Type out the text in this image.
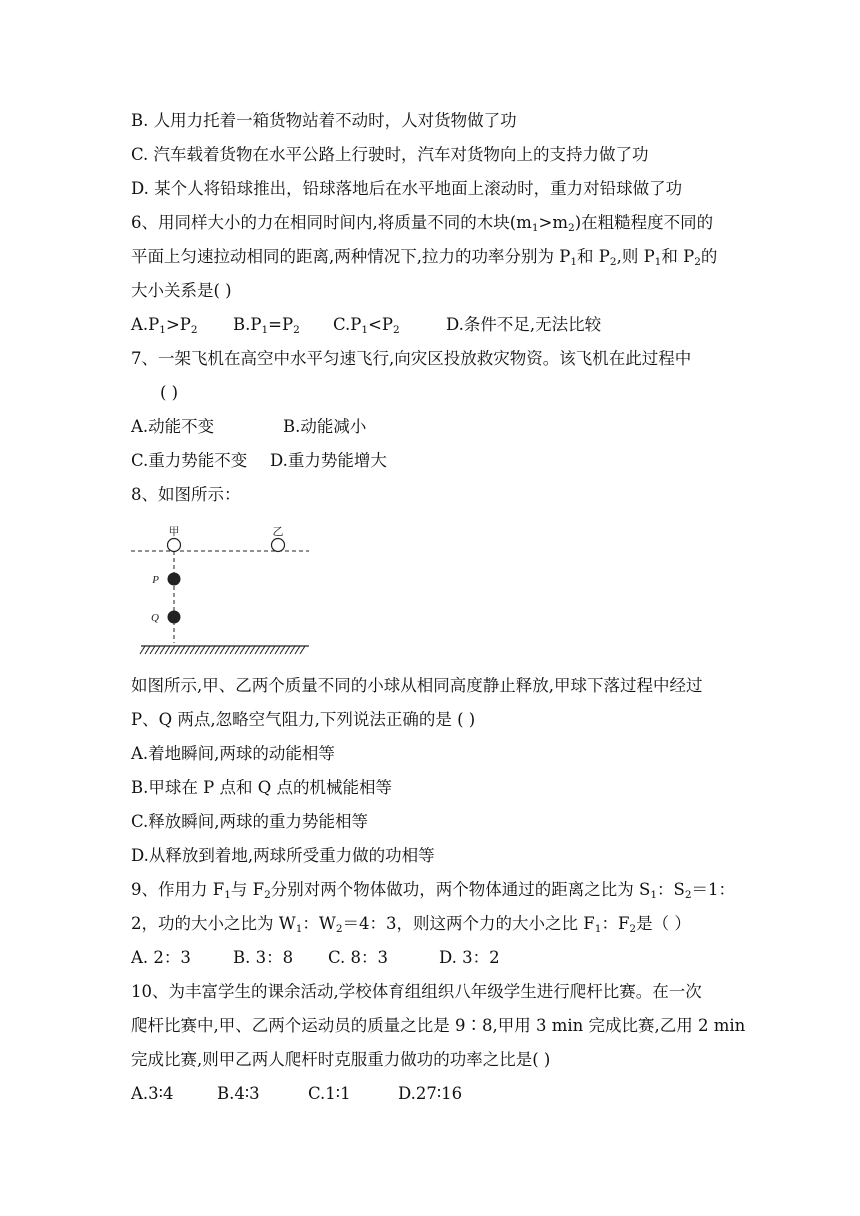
B. 人用力托着一箱货物站着不动时，人对货物做了功
C. 汽车载着货物在水平公路上行驶时，汽车对货物向上的支持力做了功
D. 某个人将铅球推出，铅球落地后在水平地面上滚动时，重力对铅球做了功
6、用同样大小的力在相同时间内,将质量不同的木块$(m_1>m_2)$在粗糙程度不同的
平面上匀速拉动相同的距离,两种情况下,拉力的功率分别为 $P_1$和 $P_2$,则 $P_1$和 $P_2$的
大小关系是( )
$A.P_1>P_2$ $B.P_1=P_2$ $C.P_1<P_2$	D.条件不足,无法比较
7、一架飞机在高空中水平匀速飞行,向灾区投放救灾物资。该飞机在此过程中
( )
A.动能不变	B.动能减小
C.重力势能不变 D.重力势能增大
8、如图所示：
甲	乙
P
Q
如图所示,甲、乙两个质量不同的小球从相同高度静止释放,甲球下落过程中经过
P、Q 两点,忽略空气阻力,下列说法正确的是 ( )
A.着地瞬间,两球的动能相等
B.甲球在 P 点和 Q 点的机械能相等
C.释放瞬间,两球的重力势能相等
D.从释放到着地,两球所受重力做的功相等
9、作用力 $F_1$与 $F_2$分别对两个物体做功，两个物体通过的距离之比为 $S_1$：$S_2=1$：
2，功的大小之比为 $W_1$：$W_2=4$：3，则这两个力的大小之比 $F_1$：$F_2$是（ ）
A. 2：3	B. 3：8 C. 8：3	D. 3：2
10、为丰富学生的课余活动,学校体育组组织八年级学生进行爬杆比赛。在一次
爬杆比赛中,甲、乙两个运动员的质量之比是 9∶8,甲用 3 min 完成比赛,乙用 2 min
完成比赛,则甲乙两人爬杆时克服重力做功的功率之比是( )
A.3∶4	B.4∶3	C.1∶1	D.27∶16
